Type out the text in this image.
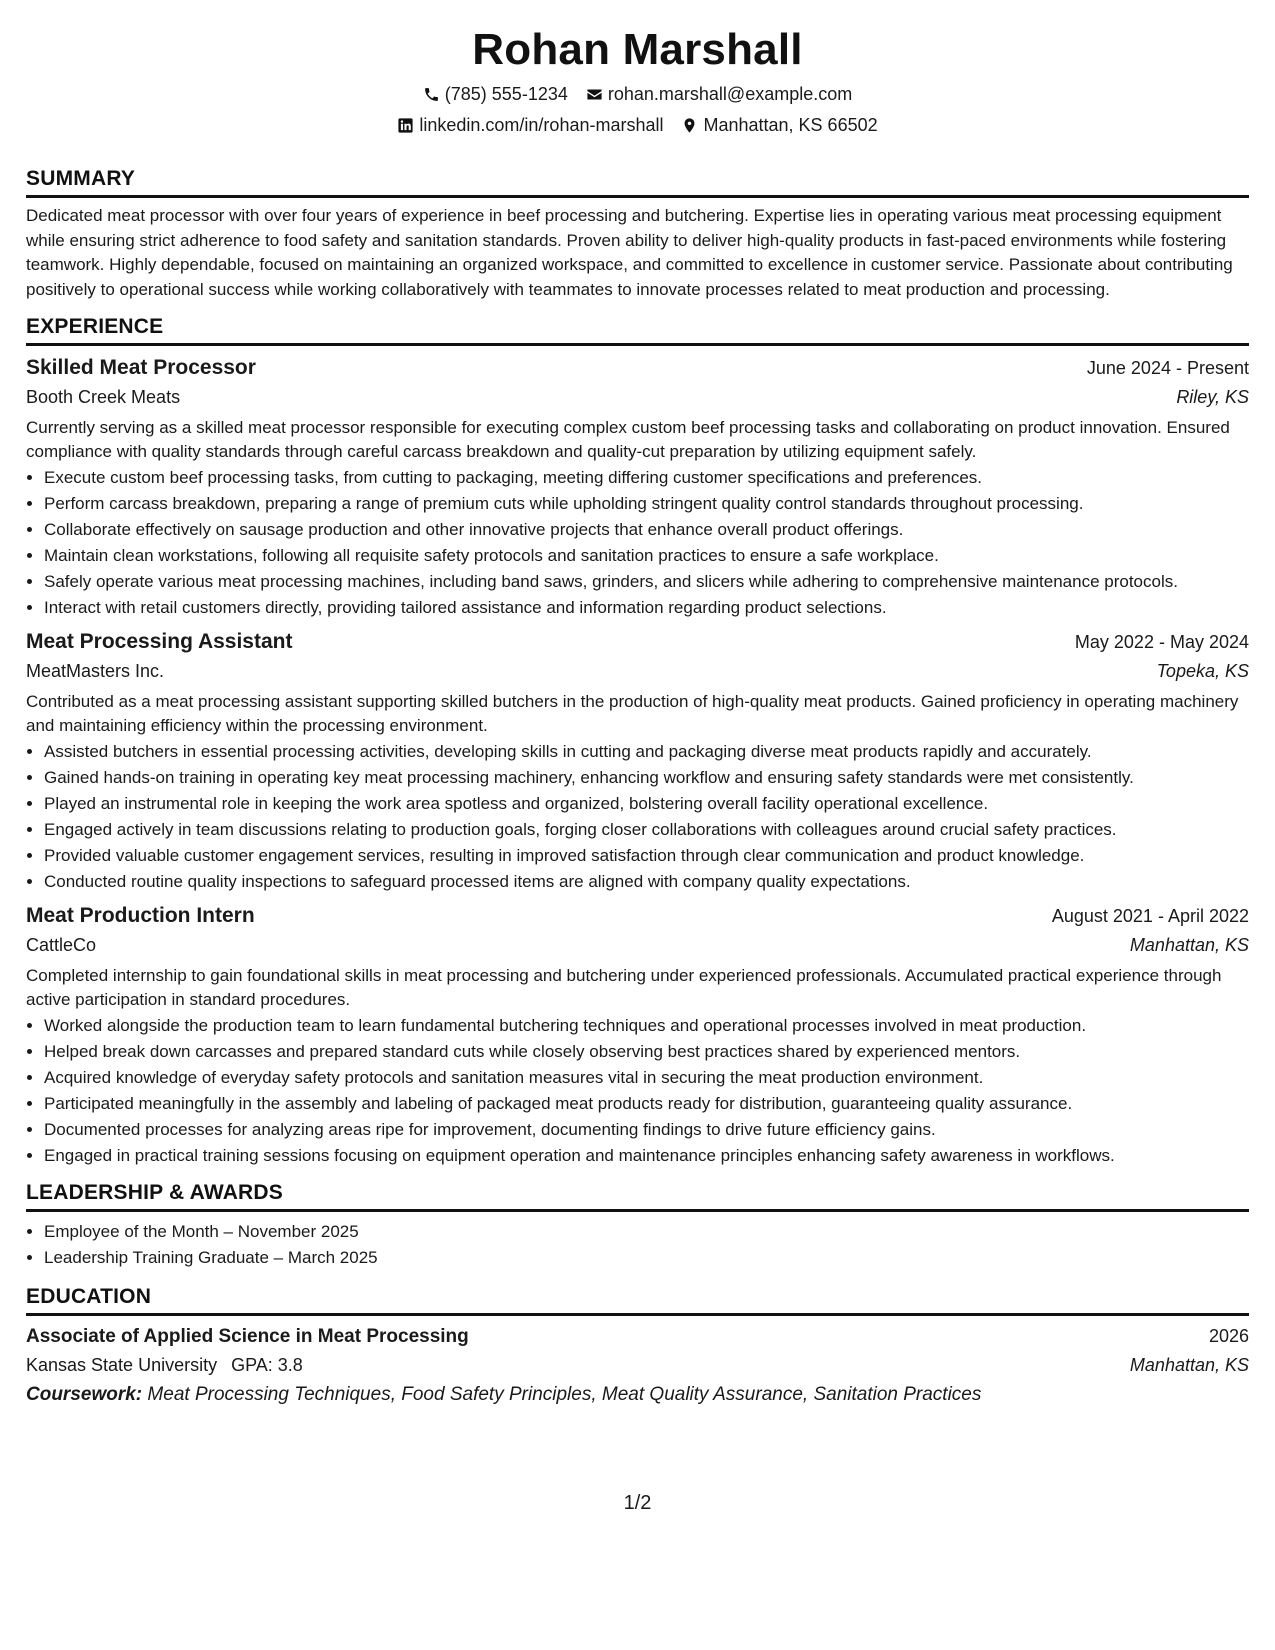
Rohan Marshall
(785) 555-1234 rohan.marshall@example.com
linkedin.com/in/rohan-marshall Manhattan, KS 66502
SUMMARY
Dedicated meat processor with over four years of experience in beef processing and butchering. Expertise lies in operating various meat processing equipment while ensuring strict adherence to food safety and sanitation standards. Proven ability to deliver high-quality products in fast-paced environments while fostering teamwork. Highly dependable, focused on maintaining an organized workspace, and committed to excellence in customer service. Passionate about contributing positively to operational success while working collaboratively with teammates to innovate processes related to meat production and processing.
EXPERIENCE
Skilled Meat Processor	June 2024 - Present
Booth Creek Meats	Riley, KS
Currently serving as a skilled meat processor responsible for executing complex custom beef processing tasks and collaborating on product innovation. Ensured compliance with quality standards through careful carcass breakdown and quality-cut preparation by utilizing equipment safely.
• Execute custom beef processing tasks, from cutting to packaging, meeting differing customer specifications and preferences.
• Perform carcass breakdown, preparing a range of premium cuts while upholding stringent quality control standards throughout processing.
• Collaborate effectively on sausage production and other innovative projects that enhance overall product offerings.
• Maintain clean workstations, following all requisite safety protocols and sanitation practices to ensure a safe workplace.
• Safely operate various meat processing machines, including band saws, grinders, and slicers while adhering to comprehensive maintenance protocols.
• Interact with retail customers directly, providing tailored assistance and information regarding product selections.
Meat Processing Assistant	May 2022 - May 2024
MeatMasters Inc.	Topeka, KS
Contributed as a meat processing assistant supporting skilled butchers in the production of high-quality meat products. Gained proficiency in operating machinery and maintaining efficiency within the processing environment.
• Assisted butchers in essential processing activities, developing skills in cutting and packaging diverse meat products rapidly and accurately.
• Gained hands-on training in operating key meat processing machinery, enhancing workflow and ensuring safety standards were met consistently.
• Played an instrumental role in keeping the work area spotless and organized, bolstering overall facility operational excellence.
• Engaged actively in team discussions relating to production goals, forging closer collaborations with colleagues around crucial safety practices.
• Provided valuable customer engagement services, resulting in improved satisfaction through clear communication and product knowledge.
• Conducted routine quality inspections to safeguard processed items are aligned with company quality expectations.
Meat Production Intern	August 2021 - April 2022
CattleCo	Manhattan, KS
Completed internship to gain foundational skills in meat processing and butchering under experienced professionals. Accumulated practical experience through active participation in standard procedures.
• Worked alongside the production team to learn fundamental butchering techniques and operational processes involved in meat production.
• Helped break down carcasses and prepared standard cuts while closely observing best practices shared by experienced mentors.
• Acquired knowledge of everyday safety protocols and sanitation measures vital in securing the meat production environment.
• Participated meaningfully in the assembly and labeling of packaged meat products ready for distribution, guaranteeing quality assurance.
• Documented processes for analyzing areas ripe for improvement, documenting findings to drive future efficiency gains.
• Engaged in practical training sessions focusing on equipment operation and maintenance principles enhancing safety awareness in workflows.
LEADERSHIP & AWARDS
• Employee of the Month – November 2025
• Leadership Training Graduate – March 2025
EDUCATION
Associate of Applied Science in Meat Processing	2026
Kansas State University GPA: 3.8	Manhattan, KS
Coursework: Meat Processing Techniques, Food Safety Principles, Meat Quality Assurance, Sanitation Practices
1/2
